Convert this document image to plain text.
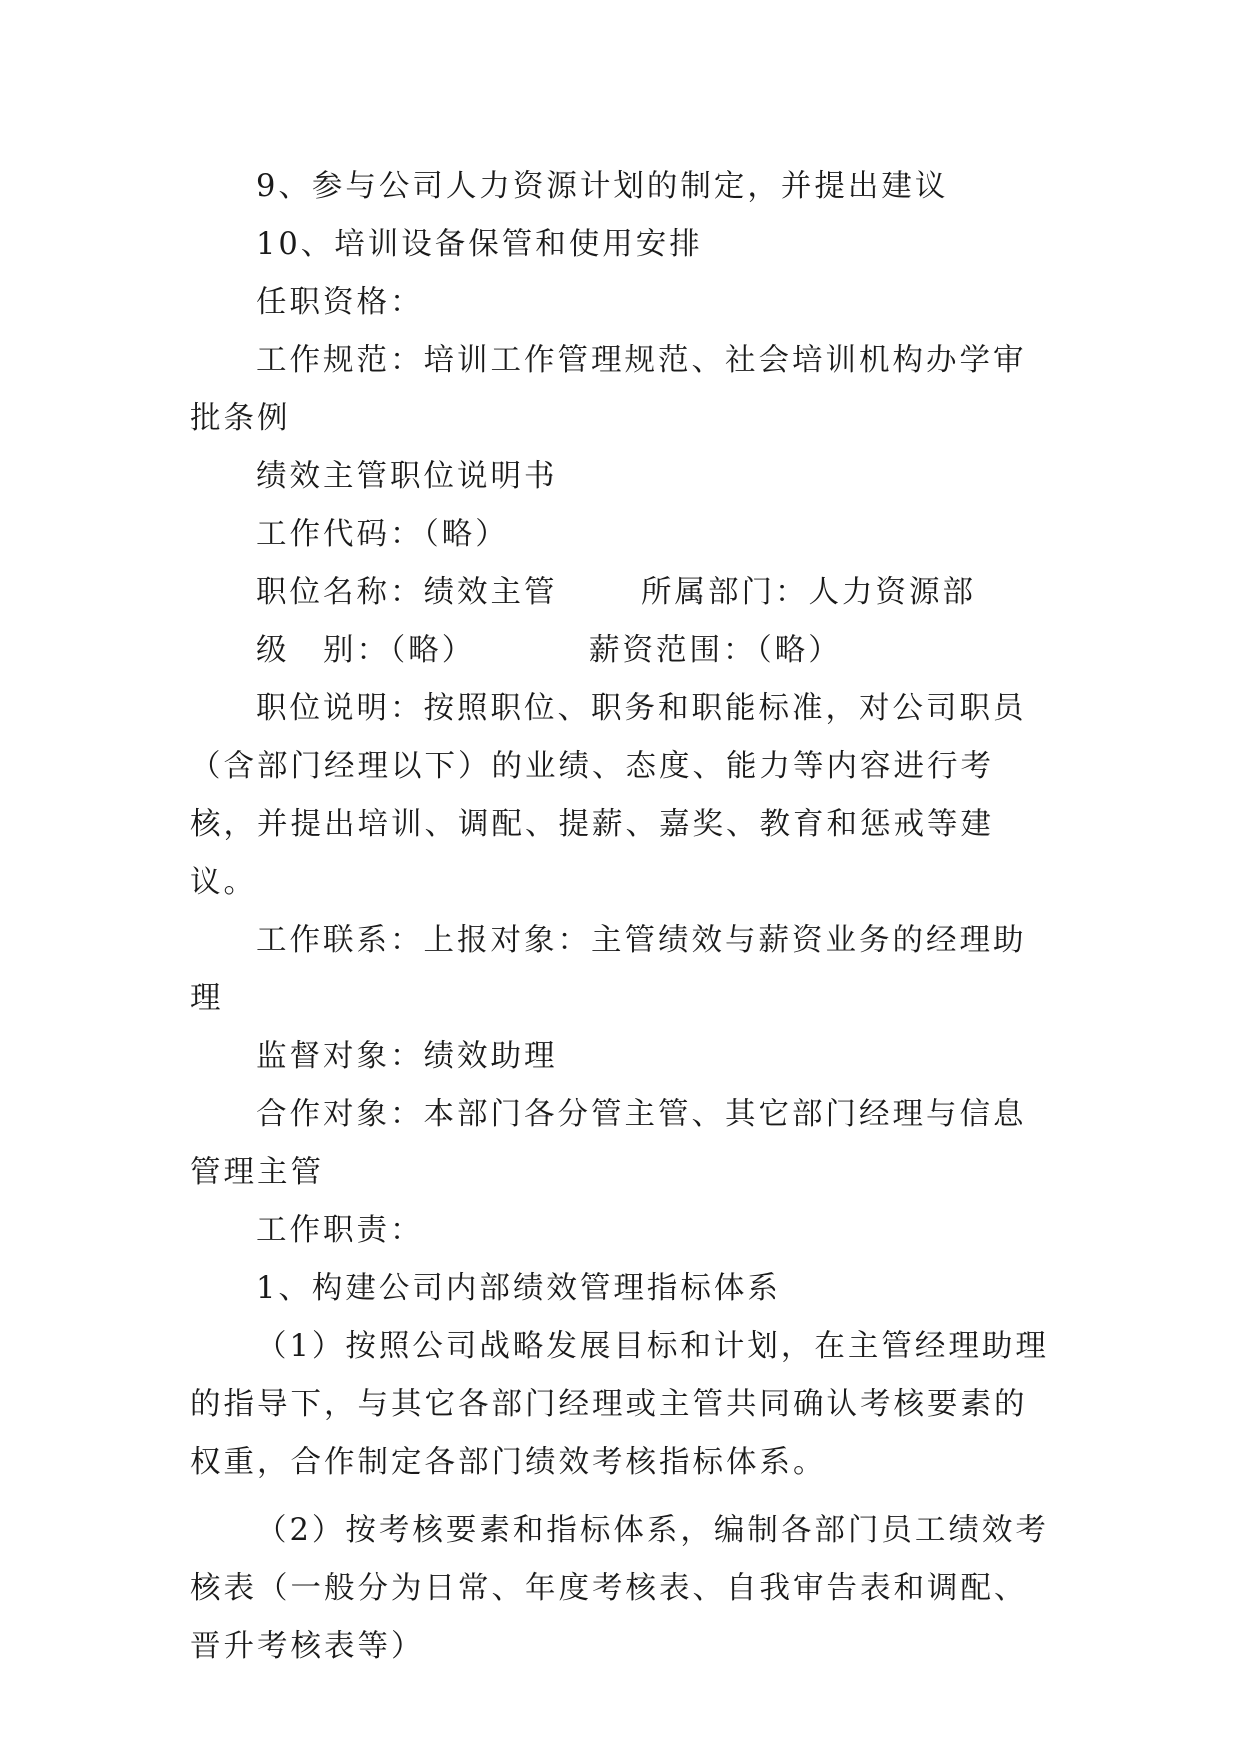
9、参与公司人力资源计划的制定，并提出建议

10、培训设备保管和使用安排

任职资格：

工作规范：培训工作管理规范、社会培训机构办学审批条例

绩效主管职位说明书

工作代码：（略）

职位名称：绩效主管	所属部门：人力资源部
级　别：（略）	薪资范围：（略）

职位说明：按照职位、职务和职能标准，对公司职员（含部门经理以下）的业绩、态度、能力等内容进行考核，并提出培训、调配、提薪、嘉奖、教育和惩戒等建议。

工作联系：上报对象：主管绩效与薪资业务的经理助理

监督对象：绩效助理

合作对象：本部门各分管主管、其它部门经理与信息管理主管

工作职责：

1、构建公司内部绩效管理指标体系

（1）按照公司战略发展目标和计划，在主管经理助理的指导下，与其它各部门经理或主管共同确认考核要素的权重，合作制定各部门绩效考核指标体系。

（2）按考核要素和指标体系，编制各部门员工绩效考核表（一般分为日常、年度考核表、自我审告表和调配、晋升考核表等）
